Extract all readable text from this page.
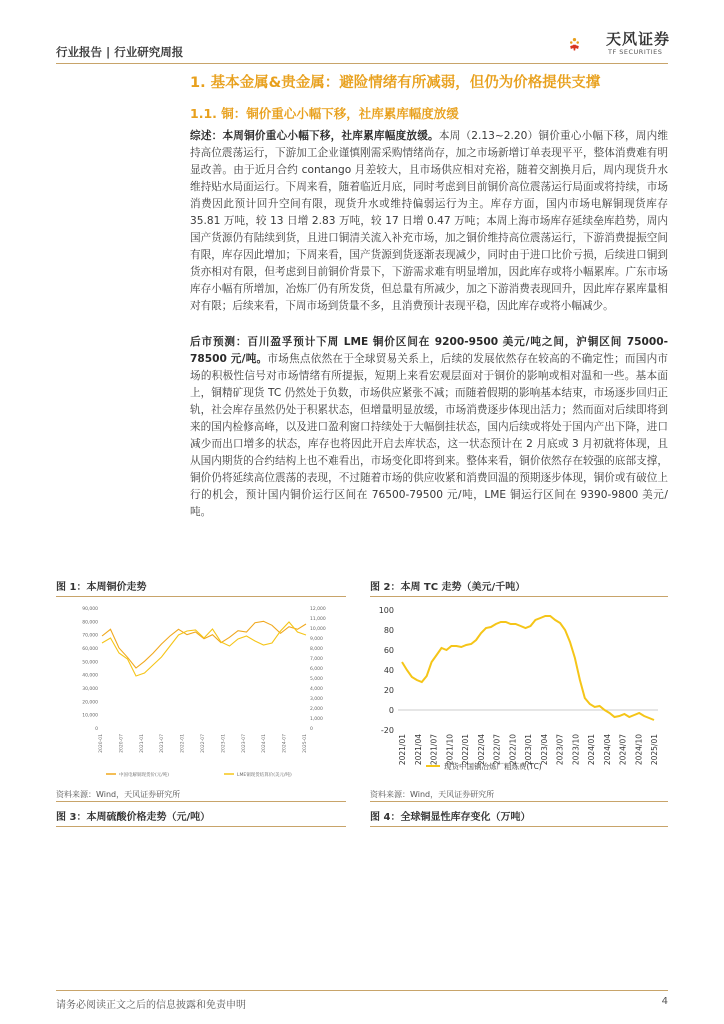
行业报告 | 行业研究周报
天风证券
TF SECURITIES
1. 基本金属&贵金属：避险情绪有所减弱，但仍为价格提供支撑
1.1. 铜：铜价重心小幅下移，社库累库幅度放缓
综述：本周铜价重心小幅下移，社库累库幅度放缓。本周（2.13~2.20）铜价重心小幅下移，周内维持高位震荡运行，下游加工企业谨慎刚需采购情绪尚存，加之市场新增订单表现平平，整体消费难有明显改善。由于近月合约 contango 月差较大，且市场供应相对充裕，随着交割换月后，周内现货升水维持贴水局面运行。下周来看，随着临近月底，同时考虑到目前铜价高位震荡运行局面或将持续，市场消费因此预计回升空间有限，现货升水或维持偏弱运行为主。库存方面，国内市场电解铜现货库存 35.81 万吨，较 13 日增 2.83 万吨，较 17 日增 0.47 万吨；本周上海市场库存延续垒库趋势，周内国产货源仍有陆续到货，且进口铜清关流入补充市场，加之铜价维持高位震荡运行，下游消费提振空间有限，库存因此增加；下周来看，国产货源到货逐渐表现减少，同时由于进口比价亏损，后续进口铜到货亦相对有限，但考虑到目前铜价背景下，下游需求难有明显增加，因此库存或将小幅累库。广东市场库存小幅有所增加，冶炼厂仍有所发货，但总量有所减少，加之下游消费表现回升，因此库存累库量相对有限；后续来看，下周市场到货量不多，且消费预计表现平稳，因此库存或将小幅减少。
后市预测：百川盈孚预计下周 LME 铜价区间在 9200-9500 美元/吨之间，沪铜区间 75000-78500 元/吨。市场焦点依然在于全球贸易关系上，后续的发展依然存在较高的不确定性；而国内市场的积极性信号对市场情绪有所提振，短期上来看宏观层面对于铜价的影响或相对温和一些。基本面上，铜精矿现货 TC 仍然处于负数，市场供应紧张不减；而随着假期的影响基本结束，市场逐步回归正轨，社会库存虽然仍处于积累状态，但增量明显放缓，市场消费逐步体现出活力；然而面对后续即将到来的国内检修高峰，以及进口盈利窗口持续处于大幅倒挂状态，国内后续或将处于国内产出下降，进口减少而出口增多的状态，库存也将因此开启去库状态，这一状态预计在 2 月底或 3 月初就将体现，且从国内期货的合约结构上也不难看出，市场变化即将到来。整体来看，铜价依然存在较强的底部支撑，铜价仍将延续高位震荡的表现，不过随着市场的供应收紧和消费回温的预期逐步体现，铜价或有破位上行的机会，预计国内铜价运行区间在 76500-79500 元/吨，LME 铜运行区间在 9390-9800 美元/吨。
图 1：本周铜价走势	图 2：本周 TC 走势（美元/千吨）
90,000
80,000
70,000
60,000
50,000
40,000
30,000
20,000
10,000
0
12,000
11,000
10,000
9,000
8,000
7,000
6,000
5,000
4,000
3,000
2,000
1,000
0
2020-01	2020-07	2021-01	2021-07	2022-01	2022-07	2023-01	2023-07	2024-01	2024-07	2025-01
中国电解铜现货价(元/吨)	LME铜现货结算价(美元/吨)
100
80
60
40
20
0
-20
2021/01 2021/04 2021/07 2021/10 2022/01 2022/04 2022/07 2022/10 2023/01 2023/04 2023/07 2023/10 2024/01 2024/04 2024/07 2024/10 2025/01
现货中国铜冶炼厂粗炼费(TC)
资料来源：Wind，天风证券研究所	资料来源：Wind，天风证券研究所
图 3：本周硫酸价格走势（元/吨）	图 4：全球铜显性库存变化（万吨）
请务必阅读正文之后的信息披露和免责申明	4
